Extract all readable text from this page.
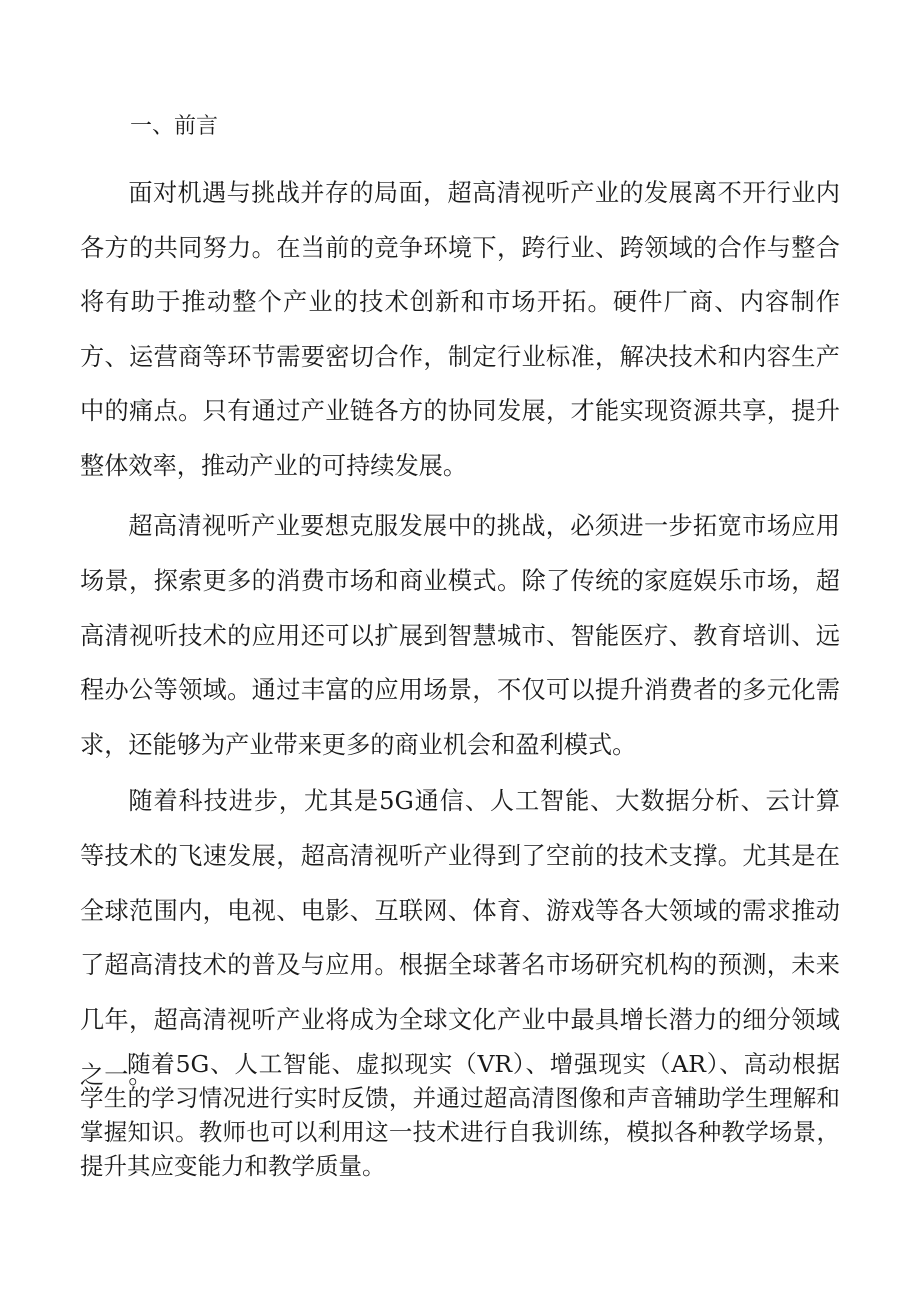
一、前言

面对机遇与挑战并存的局面，超高清视听产业的发展离不开行业内各方的共同努力。在当前的竞争环境下，跨行业、跨领域的合作与整合将有助于推动整个产业的技术创新和市场开拓。硬件厂商、内容制作方、运营商等环节需要密切合作，制定行业标准，解决技术和内容生产中的痛点。只有通过产业链各方的协同发展，才能实现资源共享，提升整体效率，推动产业的可持续发展。

超高清视听产业要想克服发展中的挑战，必须进一步拓宽市场应用场景，探索更多的消费市场和商业模式。除了传统的家庭娱乐市场，超高清视听技术的应用还可以扩展到智慧城市、智能医疗、教育培训、远程办公等领域。通过丰富的应用场景，不仅可以提升消费者的多元化需求，还能够为产业带来更多的商业机会和盈利模式。

随着科技进步，尤其是5G通信、人工智能、大数据分析、云计算等技术的飞速发展，超高清视听产业得到了空前的技术支撑。尤其是在全球范围内，电视、电影、互联网、体育、游戏等各大领域的需求推动了超高清技术的普及与应用。根据全球著名市场研究机构的预测，未来几年，超高清视听产业将成为全球文化产业中最具增长潜力的细分领域之一。

随着5G、人工智能、虚拟现实（VR）、增强现实（AR）、高动根据学生的学习情况进行实时反馈，并通过超高清图像和声音辅助学生理解和掌握知识。教师也可以利用这一技术进行自我训练，模拟各种教学场景，提升其应变能力和教学质量。
